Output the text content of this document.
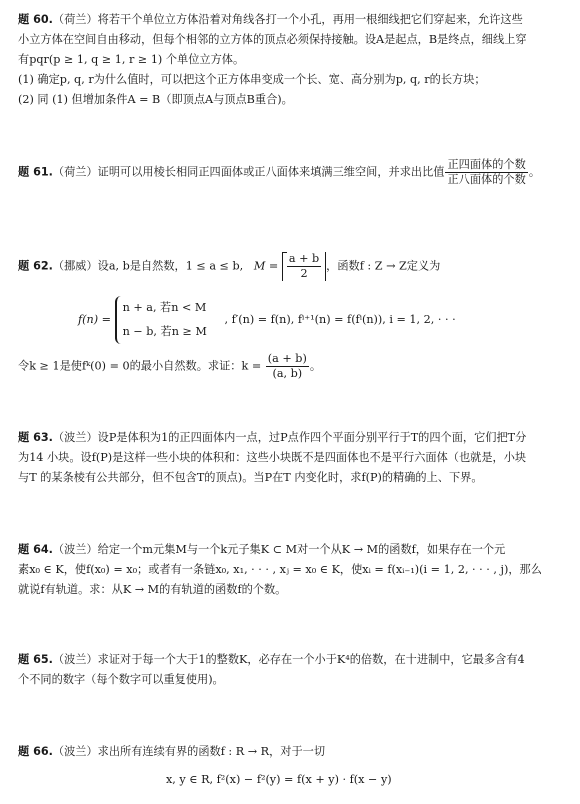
题 60.（荷兰）将若干个单位立方体沿着对角线各打一个小孔，再用一根细线把它们穿起来，允许这些
小立方体在空间自由移动，但每个相邻的立方体的顶点必须保持接触。设A是起点，B是终点，细线上穿
有pqr(p ≥ 1, q ≥ 1, r ≥ 1) 个单位立方体。
(1) 确定p, q, r为什么值时，可以把这个正方体串变成一个长、宽、高分别为p, q, r的长方块；
(2) 同 (1) 但增加条件A = B（即顶点A与顶点B重合)。
题 61.（荷兰）证明可以用棱长相同正四面体或正八面体来填满三维空间，并求出比值 $\frac{\text{正四面体的个数}}{\text{正八面体的个数}}$ 。
题 62.（挪威）设a, b是自然数，1 ≤ a ≤ b, $M = \frac{a + b}{2}$ ，函数f : Z → Z定义为
f(n) =
n + a, 若n < M
n − b, 若n ≥ M
, f′(n) = f(n), fⁱ⁺¹(n) = f(fⁱ(n)), i = 1, 2, · · ·
令k ≥ 1是使fᵏ(0) = 0的最小自然数。求证：$k = \frac{(a + b)}{(a, b)}$ 。
题 63.（波兰）设P是体积为1的正四面体内一点，过P点作四个平面分别平行于T的四个面，它们把T分
为14 小块。设f(P)是这样一些小块的体积和：这些小块既不是四面体也不是平行六面体（也就是，小块
与T 的某条棱有公共部分，但不包含T的顶点)。当P在T 内变化时，求f(P)的精确的上、下界。
题 64.（波兰）给定一个m元集M与一个k元子集K ⊂ M对一个从K → M的函数f，如果存在一个元
素x₀ ∈ K，使f(x₀) = x₀；或者有一条链x₀, x₁, · · · , xⱼ = x₀ ∈ K，使xᵢ = f(xᵢ₋₁)(i = 1, 2, · · · , j)，那么
就说f有轨道。求：从K → M的有轨道的函数f的个数。
题 65.（波兰）求证对于每一个大于1的整数K，必存在一个小于K⁴的倍数，在十进制中，它最多含有4
个不同的数字（每个数字可以重复使用)。
题 66.（波兰）求出所有连续有界的函数f : R → R，对于一切
x, y ∈ R, f²(x) − f²(y) = f(x + y) · f(x − y)
